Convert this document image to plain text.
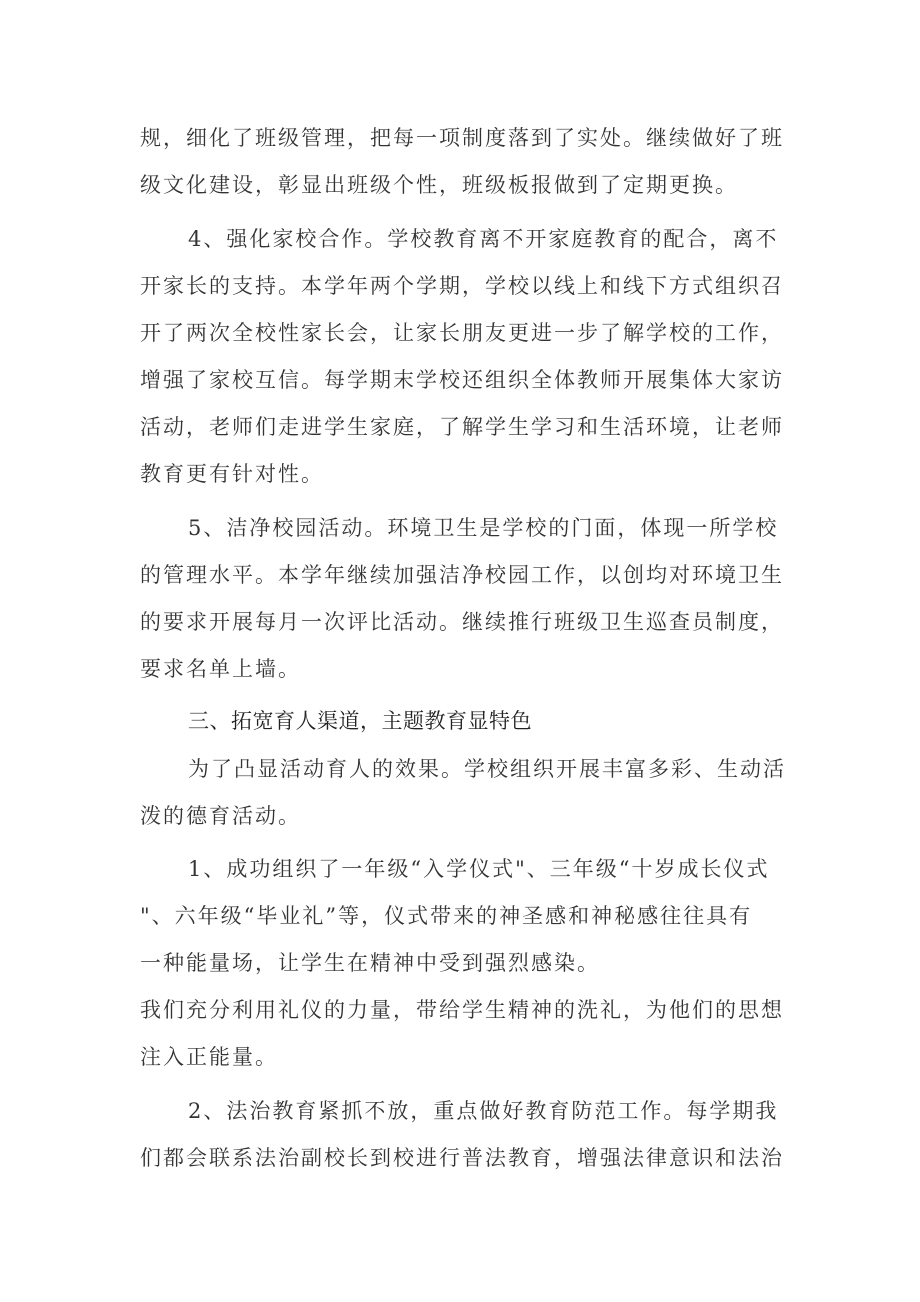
规，细化了班级管理，把每一项制度落到了实处。继续做好了班
级文化建设，彰显出班级个性，班级板报做到了定期更换。
4、强化家校合作。学校教育离不开家庭教育的配合，离不
开家长的支持。本学年两个学期，学校以线上和线下方式组织召
开了两次全校性家长会，让家长朋友更进一步了解学校的工作，
增强了家校互信。每学期末学校还组织全体教师开展集体大家访
活动，老师们走进学生家庭，了解学生学习和生活环境，让老师
教育更有针对性。
5、洁净校园活动。环境卫生是学校的门面，体现一所学校
的管理水平。本学年继续加强洁净校园工作，以创均对环境卫生
的要求开展每月一次评比活动。继续推行班级卫生巡查员制度，
要求名单上墙。
三、拓宽育人渠道，主题教育显特色
为了凸显活动育人的效果。学校组织开展丰富多彩、生动活
泼的德育活动。
1、成功组织了一年级“入学仪式"、三年级“十岁成长仪式
"、六年级“毕业礼”等，仪式带来的神圣感和神秘感往往具有
一种能量场，让学生在精神中受到强烈感染。
我们充分利用礼仪的力量，带给学生精神的洗礼，为他们的思想
注入正能量。
2、法治教育紧抓不放，重点做好教育防范工作。每学期我
们都会联系法治副校长到校进行普法教育，增强法律意识和法治
